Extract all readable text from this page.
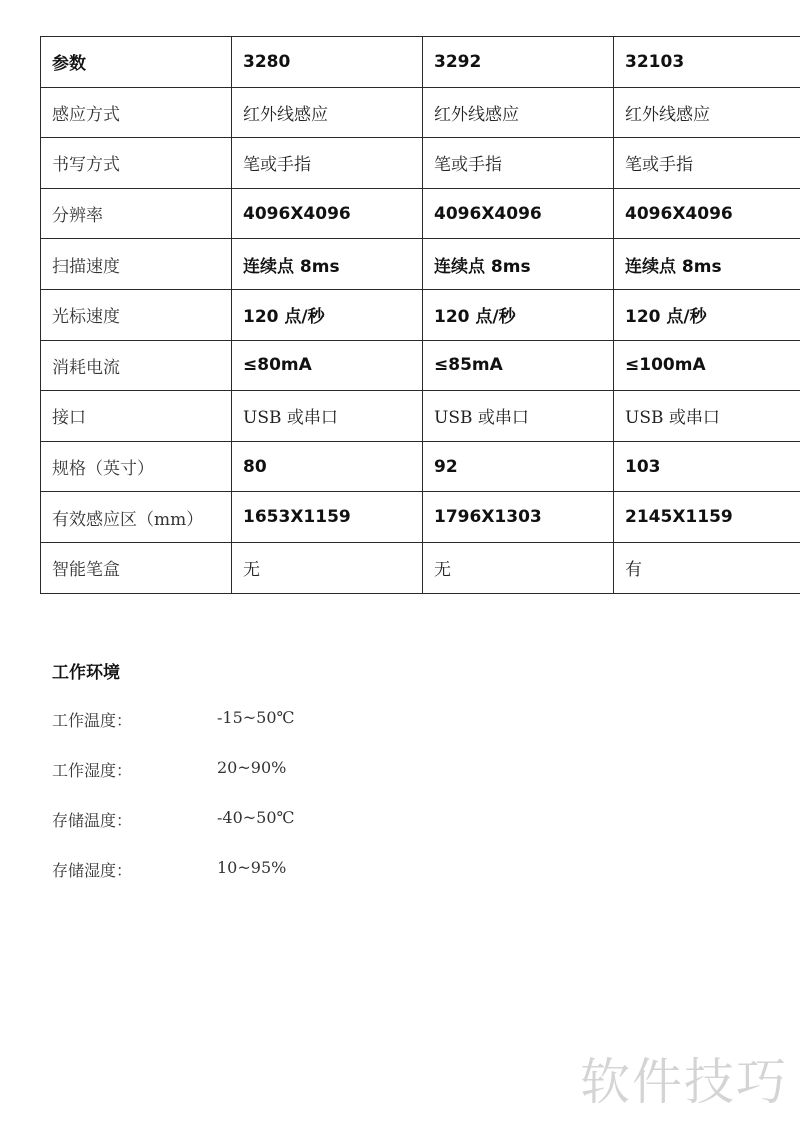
参数	3280	3292	32103
感应方式	红外线感应	红外线感应	红外线感应
书写方式	笔或手指	笔或手指	笔或手指
分辨率	4096X4096	4096X4096	4096X4096
扫描速度	连续点 8ms	连续点 8ms	连续点 8ms
光标速度	120 点/秒	120 点/秒	120 点/秒
消耗电流	≤80mA	≤85mA	≤100mA
接口	USB 或串口	USB 或串口	USB 或串口
规格（英寸）	80	92	103
有效感应区（mm）	1653X1159	1796X1303	2145X1159
智能笔盒	无	无	有
工作环境
工作温度：	-15~50℃
工作湿度：	20~90%
存储温度：	-40~50℃
存储湿度：	10~95%
软件技巧
